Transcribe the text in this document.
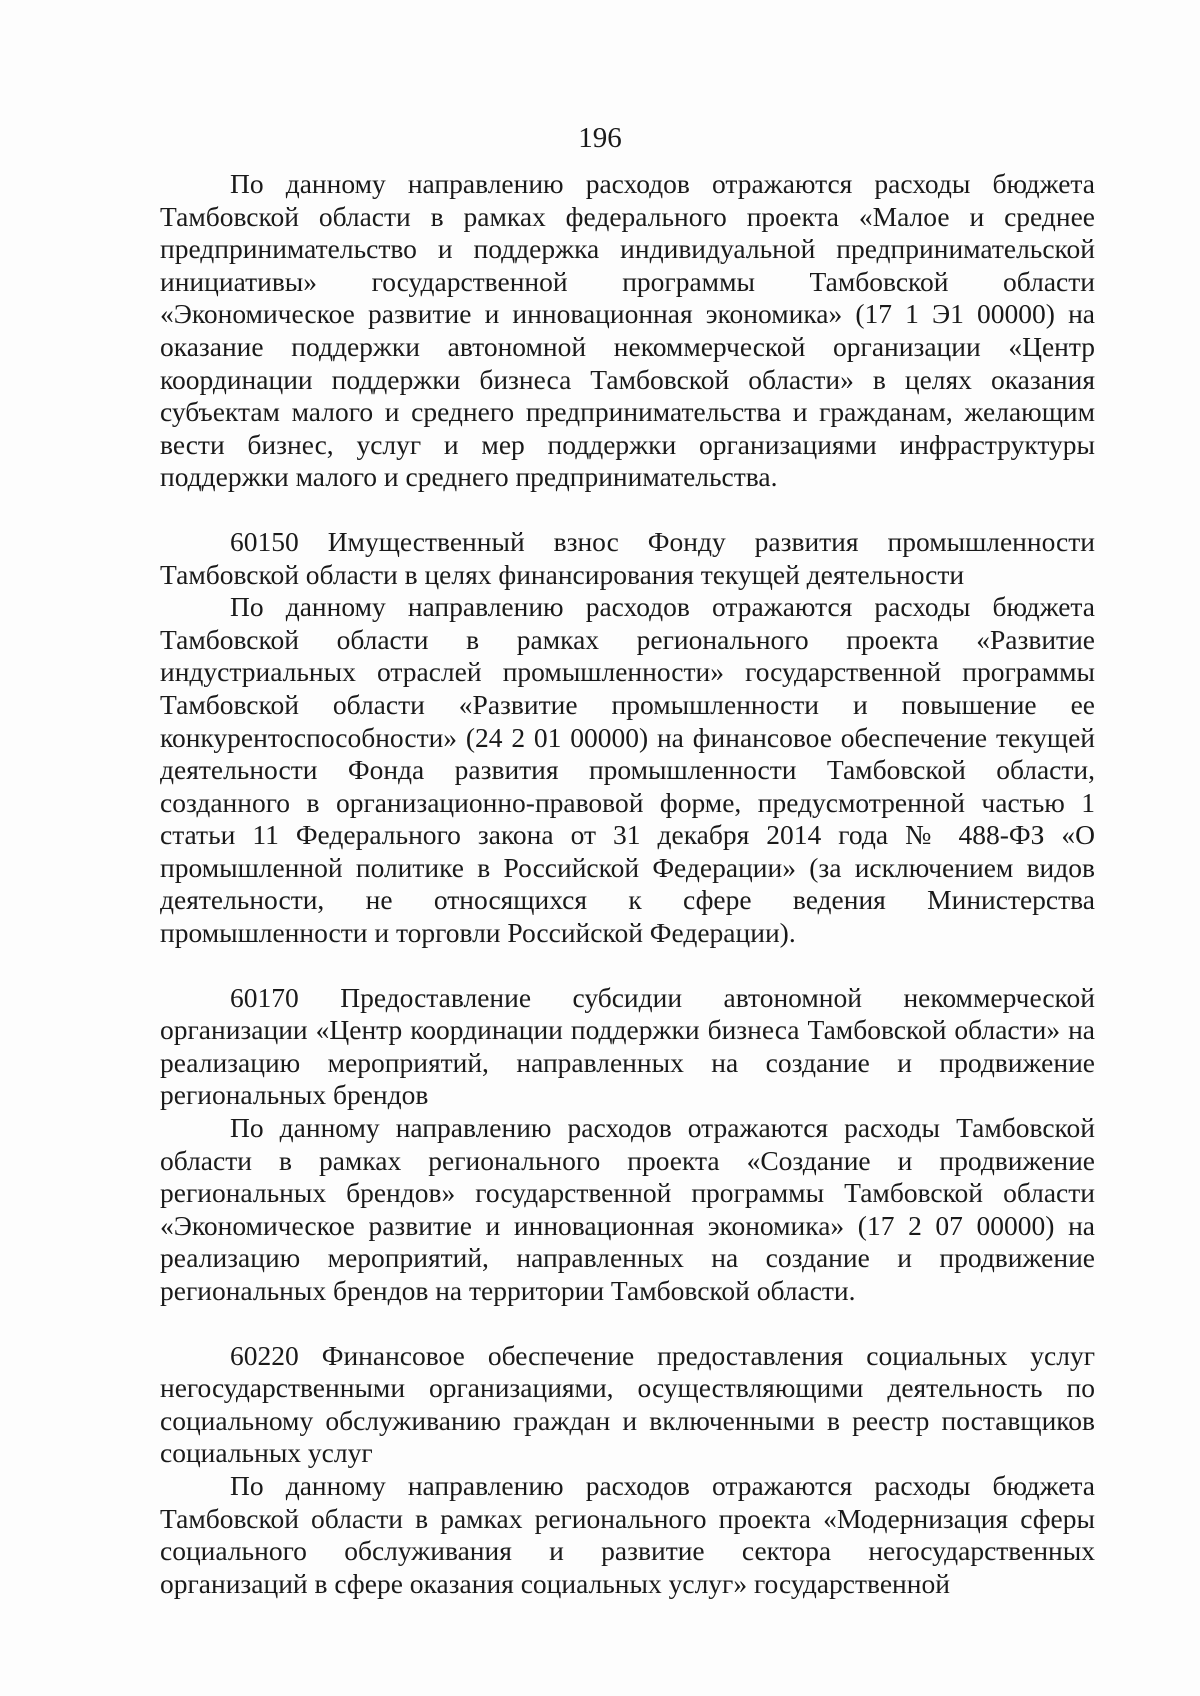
196

По данному направлению расходов отражаются расходы бюджета Тамбовской области в рамках федерального проекта «Малое и среднее предпринимательство и поддержка индивидуальной предпринимательской инициативы» государственной программы Тамбовской области «Экономическое развитие и инновационная экономика» (17 1 Э1 00000) на оказание поддержки автономной некоммерческой организации «Центр координации поддержки бизнеса Тамбовской области» в целях оказания субъектам малого и среднего предпринимательства и гражданам, желающим вести бизнес, услуг и мер поддержки организациями инфраструктуры поддержки малого и среднего предпринимательства.

60150 Имущественный взнос Фонду развития промышленности Тамбовской области в целях финансирования текущей деятельности

По данному направлению расходов отражаются расходы бюджета Тамбовской области в рамках регионального проекта «Развитие индустриальных отраслей промышленности» государственной программы Тамбовской области «Развитие промышленности и повышение ее конкурентоспособности» (24 2 01 00000) на финансовое обеспечение текущей деятельности Фонда развития промышленности Тамбовской области, созданного в организационно-правовой форме, предусмотренной частью 1 статьи 11 Федерального закона от 31 декабря 2014 года № 488-ФЗ «О промышленной политике в Российской Федерации» (за исключением видов деятельности, не относящихся к сфере ведения Министерства промышленности и торговли Российской Федерации).

60170 Предоставление субсидии автономной некоммерческой организации «Центр координации поддержки бизнеса Тамбовской области» на реализацию мероприятий, направленных на создание и продвижение региональных брендов

По данному направлению расходов отражаются расходы Тамбовской области в рамках регионального проекта «Создание и продвижение региональных брендов» государственной программы Тамбовской области «Экономическое развитие и инновационная экономика» (17 2 07 00000) на реализацию мероприятий, направленных на создание и продвижение региональных брендов на территории Тамбовской области.

60220 Финансовое обеспечение предоставления социальных услуг негосударственными организациями, осуществляющими деятельность по социальному обслуживанию граждан и включенными в реестр поставщиков социальных услуг

По данному направлению расходов отражаются расходы бюджета Тамбовской области в рамках регионального проекта «Модернизация сферы социального обслуживания и развитие сектора негосударственных организаций в сфере оказания социальных услуг» государственной
